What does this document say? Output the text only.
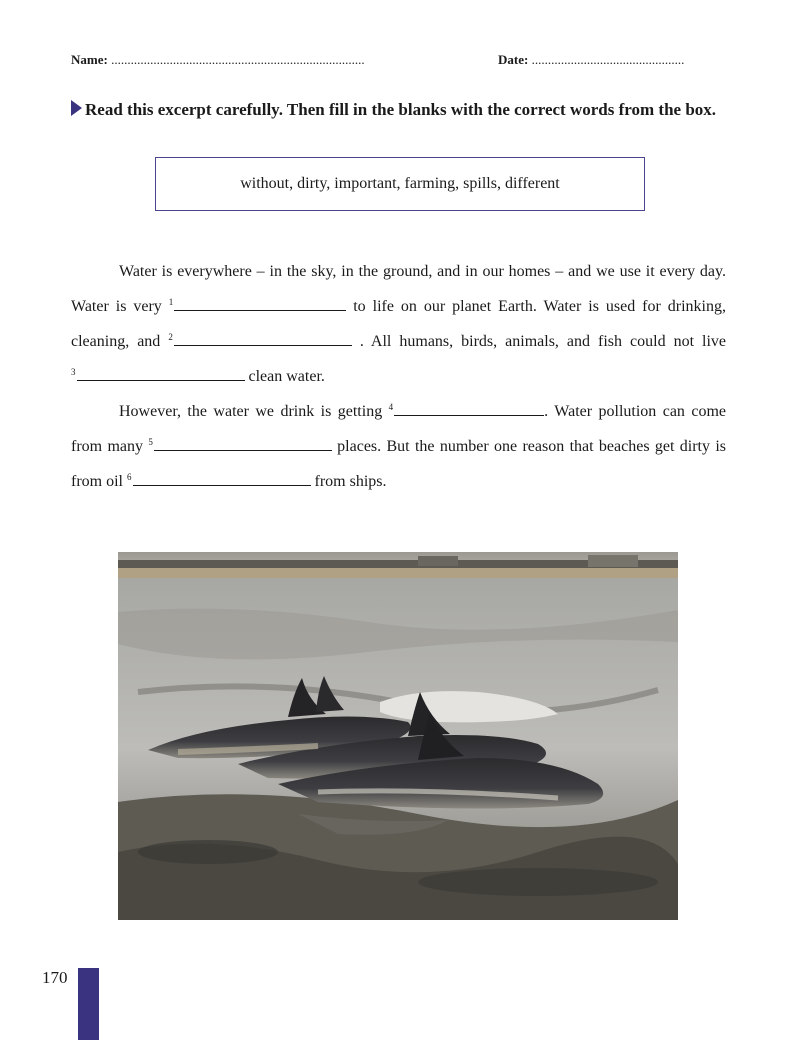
Name: ..............................................................................	Date: ...............................................
Read this excerpt carefully. Then fill in the blanks with the correct words from the box.
without, dirty, important, farming, spills, different

Water is everywhere – in the sky, in the ground, and in our homes – and we use it every day. Water is very $^1$	to life on our planet Earth. Water is used for drinking, cleaning, and $^2$	. All humans, birds, animals, and fish could not live $^3$	clean water.

However, the water we drink is getting $^4$	. Water pollution can come from many $^5$	places. But the number one reason that beaches get dirty is from oil $^6$	from ships.

170
